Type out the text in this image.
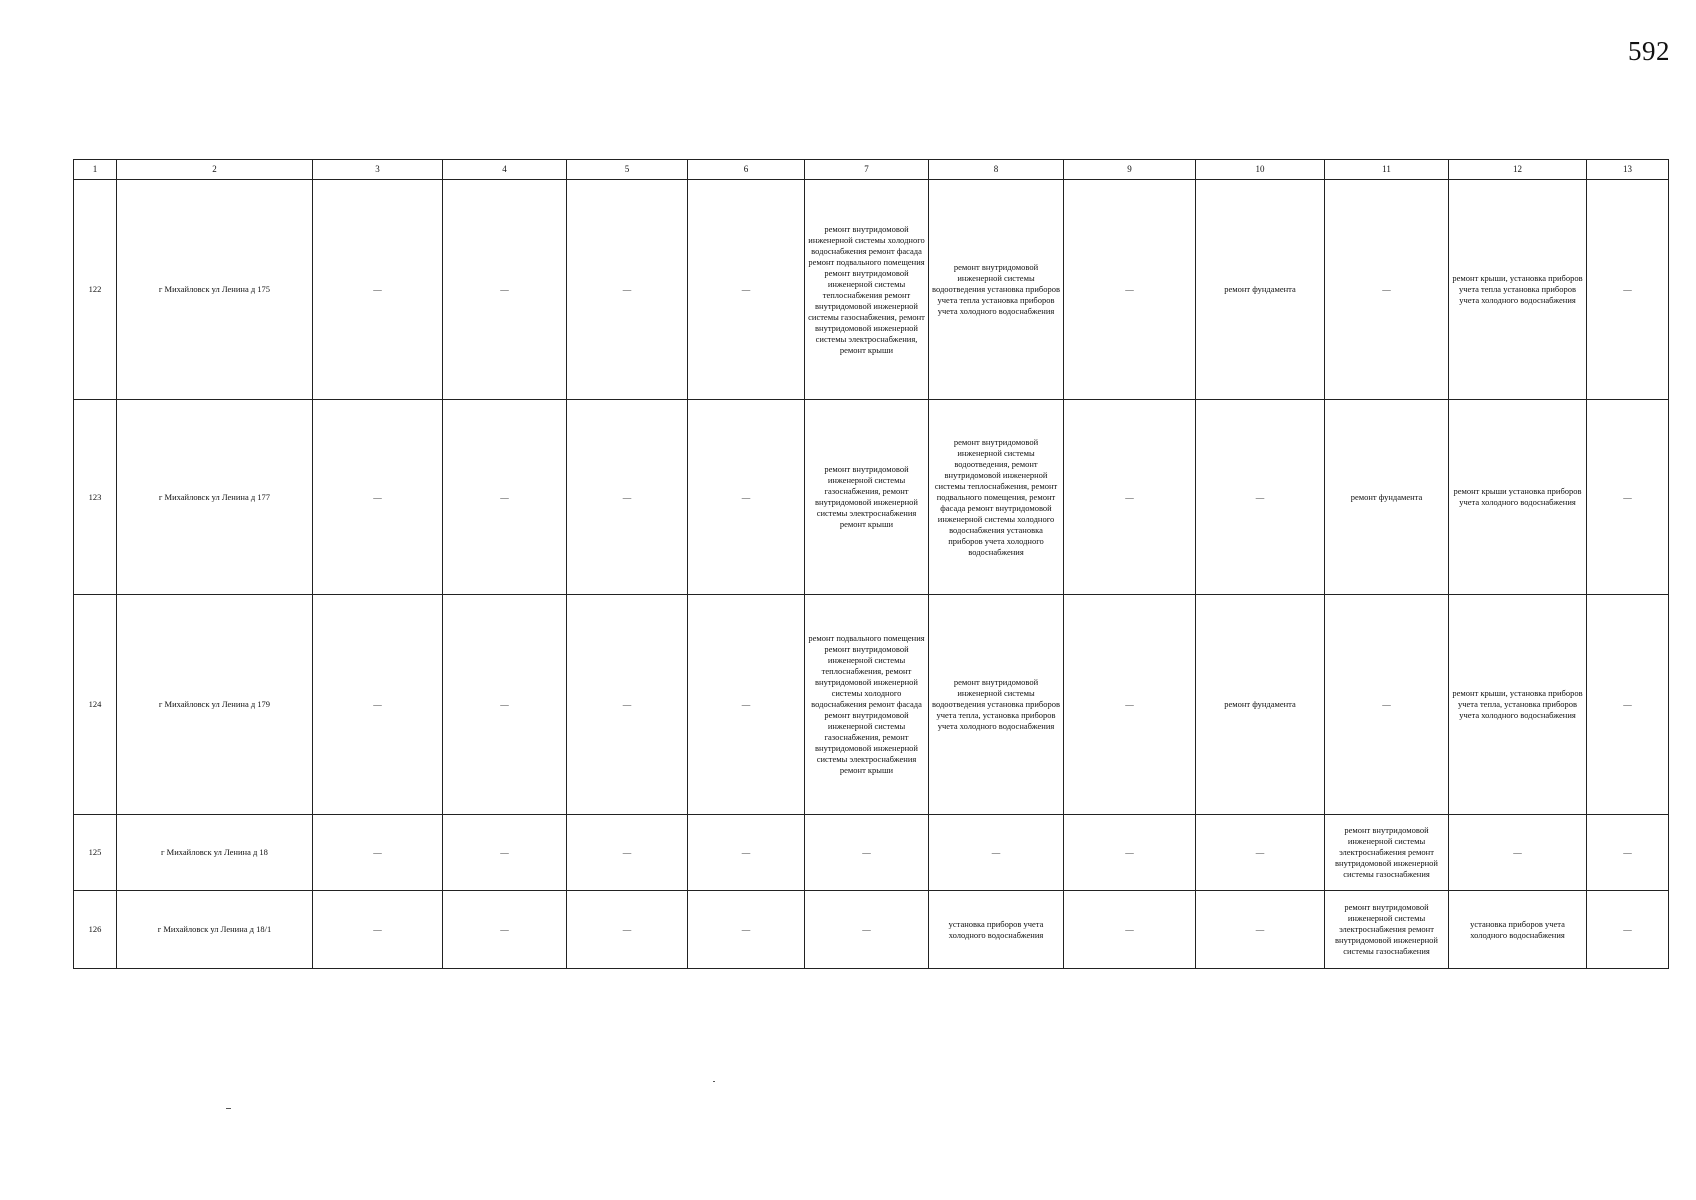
592
1	2	3	4	5	6	7	8	9	10	11	12	13
122	г Михайловск ул Ленина д 175	—	—	—	—	ремонт внутридомовой инженерной системы холодного водоснабжения ремонт фасада ремонт подвального помещения ремонт внутридомовой инженерной системы теплоснабжения ремонт внутридомовой инженерной системы газоснабжения, ремонт внутридомовой инженерной системы электроснабжения, ремонт крыши	ремонт внутридомовой инженерной системы водоотведения установка приборов учета тепла установка приборов учета холодного водоснабжения	—	ремонт фундамента	—	ремонт крыши, установка приборов учета тепла установка приборов учета холодного водоснабжения	—
123	г Михайловск ул Ленина д 177	—	—	—	—	ремонт внутридомовой инженерной системы газоснабжения, ремонт внутридомовой инженерной системы электроснабжения ремонт крыши	ремонт внутридомовой инженерной системы водоотведения, ремонт внутридомовой инженерной системы теплоснабжения, ремонт подвального помещения, ремонт фасада ремонт внутридомовой инженерной системы холодного водоснабжения установка приборов учета холодного водоснабжения	—	—	ремонт фундамента	ремонт крыши установка приборов учета холодного водоснабжения	—
124	г Михайловск ул Ленина д 179	—	—	—	—	ремонт подвального помещения ремонт внутридомовой инженерной системы теплоснабжения, ремонт внутридомовой инженерной системы холодного водоснабжения ремонт фасада ремонт внутридомовой инженерной системы газоснабжения, ремонт внутридомовой инженерной системы электроснабжения ремонт крыши	ремонт внутридомовой инженерной системы водоотведения установка приборов учета тепла, установка приборов учета холодного водоснабжения	—	ремонт фундамента	—	ремонт крыши, установка приборов учета тепла, установка приборов учета холодного водоснабжения	—
125	г Михайловск ул Ленина д 18	—	—	—	—	—	—	—	—	ремонт внутридомовой инженерной системы электроснабжения ремонт внутридомовой инженерной системы газоснабжения	—	—
126	г Михайловск ул Ленина д 18/1	—	—	—	—	—	установка приборов учета холодного водоснабжения	—	—	ремонт внутридомовой инженерной системы электроснабжения ремонт внутридомовой инженерной системы газоснабжения	установка приборов учета холодного водоснабжения	—
